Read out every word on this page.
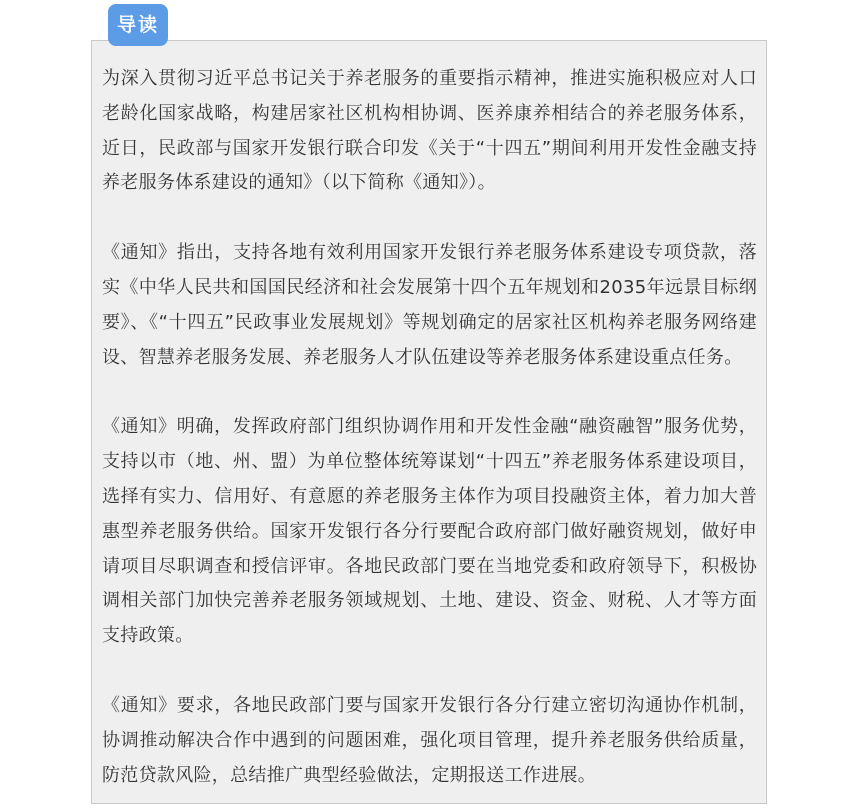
导读

为深入贯彻习近平总书记关于养老服务的重要指示精神，推进实施积极应对人口老龄化国家战略，构建居家社区机构相协调、医养康养相结合的养老服务体系，近日，民政部与国家开发银行联合印发《关于“十四五”期间利用开发性金融支持养老服务体系建设的通知》（以下简称《通知》）。

《通知》指出，支持各地有效利用国家开发银行养老服务体系建设专项贷款，落实《中华人民共和国国民经济和社会发展第十四个五年规划和2035年远景目标纲要》、《“十四五”民政事业发展规划》等规划确定的居家社区机构养老服务网络建设、智慧养老服务发展、养老服务人才队伍建设等养老服务体系建设重点任务。

《通知》明确，发挥政府部门组织协调作用和开发性金融“融资融智”服务优势，支持以市（地、州、盟）为单位整体统筹谋划“十四五”养老服务体系建设项目，选择有实力、信用好、有意愿的养老服务主体作为项目投融资主体，着力加大普惠型养老服务供给。国家开发银行各分行要配合政府部门做好融资规划，做好申请项目尽职调查和授信评审。各地民政部门要在当地党委和政府领导下，积极协调相关部门加快完善养老服务领域规划、土地、建设、资金、财税、人才等方面支持政策。

《通知》要求，各地民政部门要与国家开发银行各分行建立密切沟通协作机制，协调推动解决合作中遇到的问题困难，强化项目管理，提升养老服务供给质量，防范贷款风险，总结推广典型经验做法，定期报送工作进展。
